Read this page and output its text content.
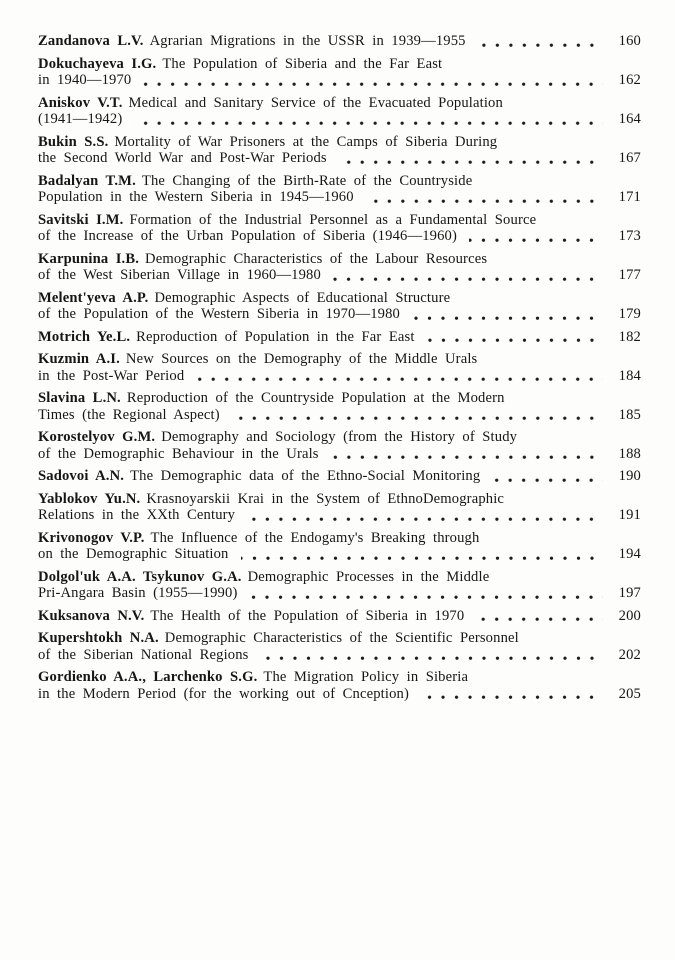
Zandanova L.V. Agrarian Migrations in the USSR in 1939—1955	160
Dokuchayeva I.G. The Population of Siberia and the Far East
in 1940—1970	162
Aniskov V.T. Medical and Sanitary Service of the Evacuated Population
(1941—1942)	164
Bukin S.S. Mortality of War Prisoners at the Camps of Siberia During
the Second World War and Post-War Periods	167
Badalyan T.M. The Changing of the Birth-Rate of the Countryside
Population in the Western Siberia in 1945—1960	171
Savitski I.M. Formation of the Industrial Personnel as a Fundamental Source
of the Increase of the Urban Population of Siberia (1946—1960)	173
Karpunina I.B. Demographic Characteristics of the Labour Resources
of the West Siberian Village in 1960—1980	177
Melent'yeva A.P. Demographic Aspects of Educational Structure
of the Population of the Western Siberia in 1970—1980	179
Motrich Ye.L. Reproduction of Population in the Far East	182
Kuzmin A.I. New Sources on the Demography of the Middle Urals
in the Post-War Period	184
Slavina L.N. Reproduction of the Countryside Population at the Modern
Times (the Regional Aspect)	185
Korostelyov G.M. Demography and Sociology (from the History of Study
of the Demographic Behaviour in the Urals	188
Sadovoi A.N. The Demographic data of the Ethno-Social Monitoring	190
Yablokov Yu.N. Krasnoyarskii Krai in the System of EthnoDemographic
Relations in the XXth Century	191
Krivonogov V.P. The Influence of the Endogamy's Breaking through
on the Demographic Situation	194
Dolgol'uk A.A. Tsykunov G.A. Demographic Processes in the Middle
Pri-Angara Basin (1955—1990)	197
Kuksanova N.V. The Health of the Population of Siberia in 1970	200
Kupershtokh N.A. Demographic Characteristics of the Scientific Personnel
of the Siberian National Regions	202
Gordienko A.A., Larchenko S.G. The Migration Policy in Siberia
in the Modern Period (for the working out of Cnception)	205
